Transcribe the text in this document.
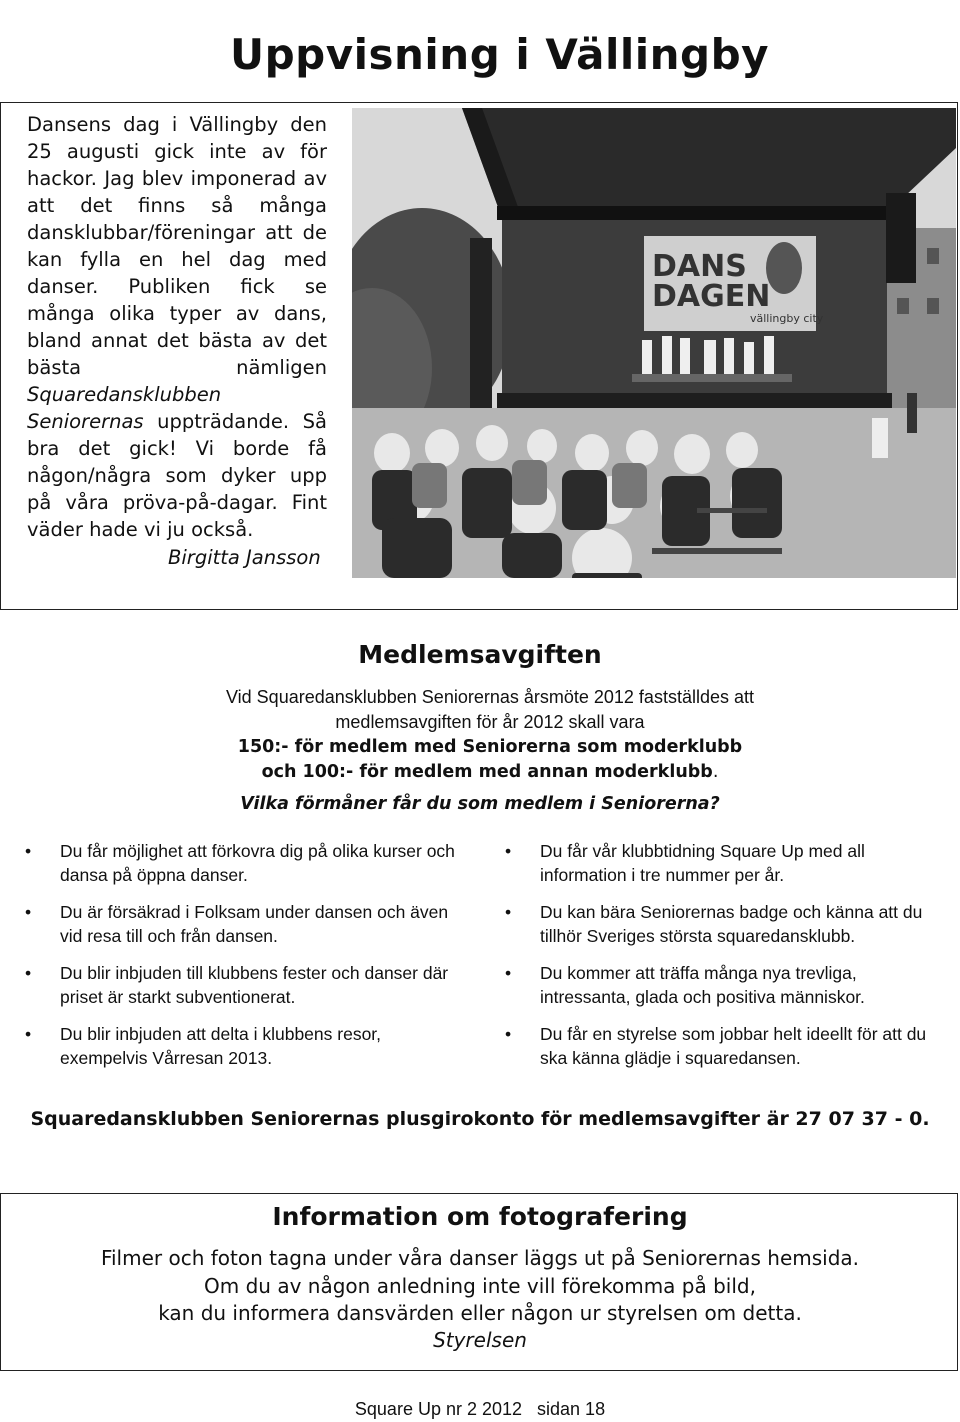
Uppvisning i Vällingby

Dansens dag i Vällingby den 25 augusti gick inte av för hackor. Jag blev imponerad av att det finns så många dansklubbar/föreningar att de kan fylla en hel dag med danser. Publiken fick se många olika typer av dans, bland annat det bästa av det bästa nämligen Squaredansklubben Seniorernas uppträdande. Så bra det gick! Vi borde få någon/några som dyker upp på våra pröva-på-dagar. Fint väder hade vi ju också.

Birgitta Jansson
DANS
DAGEN
vällingby city
Medlemsavgiften
Vid Squaredansklubben Seniorernas årsmöte 2012 fastställdes att
medlemsavgiften för år 2012 skall vara
150:- för medlem med Seniorerna som moderklubb
och 100:- för medlem med annan moderklubb.
Vilka förmåner får du som medlem i Seniorerna?
• Du får möjlighet att förkovra dig på olika kurser och dansa på öppna danser.
• Du är försäkrad i Folksam under dansen och även vid resa till och från dansen.
• Du blir inbjuden till klubbens fester och danser där priset är starkt subventionerat.
• Du blir inbjuden att delta i klubbens resor, exempelvis Vårresan 2013.
• Du får vår klubbtidning Square Up med all information i tre nummer per år.
• Du kan bära Seniorernas badge och känna att du tillhör Sveriges största squaredansklubb.
• Du kommer att träffa många nya trevliga, intressanta, glada och positiva människor.
• Du får en styrelse som jobbar helt ideellt för att du ska känna glädje i squaredansen.
Squaredansklubben Seniorernas plusgirokonto för medlemsavgifter är 27 07 37 - 0.
Information om fotografering
Filmer och foton tagna under våra danser läggs ut på Seniorernas hemsida.
Om du av någon anledning inte vill förekomma på bild,
kan du informera dansvärden eller någon ur styrelsen om detta.
Styrelsen
Square Up nr 2 2012   sidan 18
